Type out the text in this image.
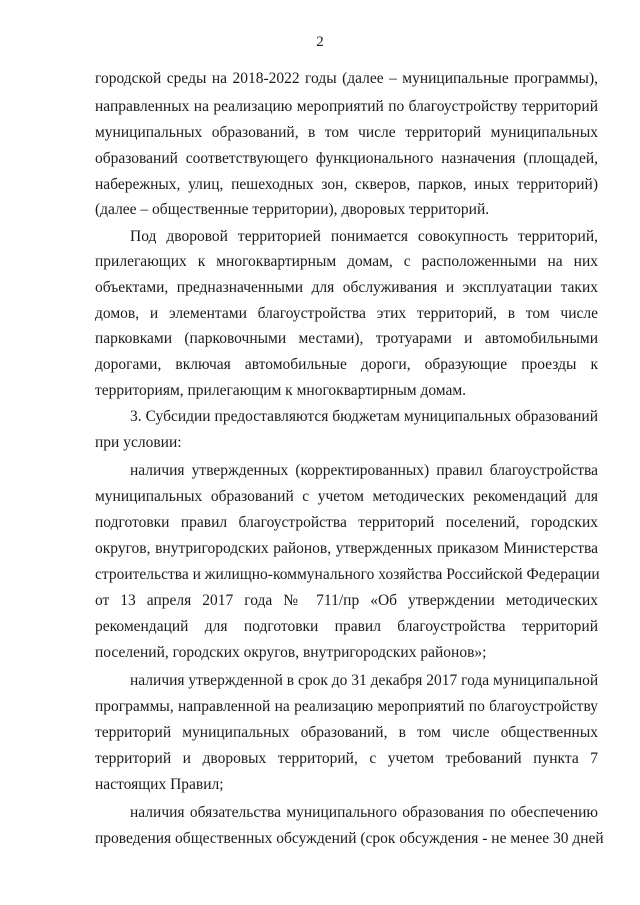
2
городской среды на 2018-2022 годы (далее – муниципальные программы),
направленных на реализацию мероприятий по благоустройству территорий
муниципальных образований, в том числе территорий муниципальных
образований соответствующего функционального назначения (площадей,
набережных, улиц, пешеходных зон, скверов, парков, иных территорий)
(далее – общественные территории), дворовых территорий.
Под дворовой территорией понимается совокупность территорий,
прилегающих к многоквартирным домам, с расположенными на них
объектами, предназначенными для обслуживания и эксплуатации таких
домов, и элементами благоустройства этих территорий, в том числе
парковками (парковочными местами), тротуарами и автомобильными
дорогами, включая автомобильные дороги, образующие проезды к
территориям, прилегающим к многоквартирным домам.
3. Субсидии предоставляются бюджетам муниципальных образований
при условии:
наличия утвержденных (корректированных) правил благоустройства
муниципальных образований с учетом методических рекомендаций для
подготовки правил благоустройства территорий поселений, городских
округов, внутригородских районов, утвержденных приказом Министерства
строительства и жилищно-коммунального хозяйства Российской Федерации
от 13 апреля 2017 года № 711/пр «Об утверждении методических
рекомендаций для подготовки правил благоустройства территорий
поселений, городских округов, внутригородских районов»;
наличия утвержденной в срок до 31 декабря 2017 года муниципальной
программы, направленной на реализацию мероприятий по благоустройству
территорий муниципальных образований, в том числе общественных
территорий и дворовых территорий, с учетом требований пункта 7
настоящих Правил;
наличия обязательства муниципального образования по обеспечению
проведения общественных обсуждений (срок обсуждения - не менее 30 дней
